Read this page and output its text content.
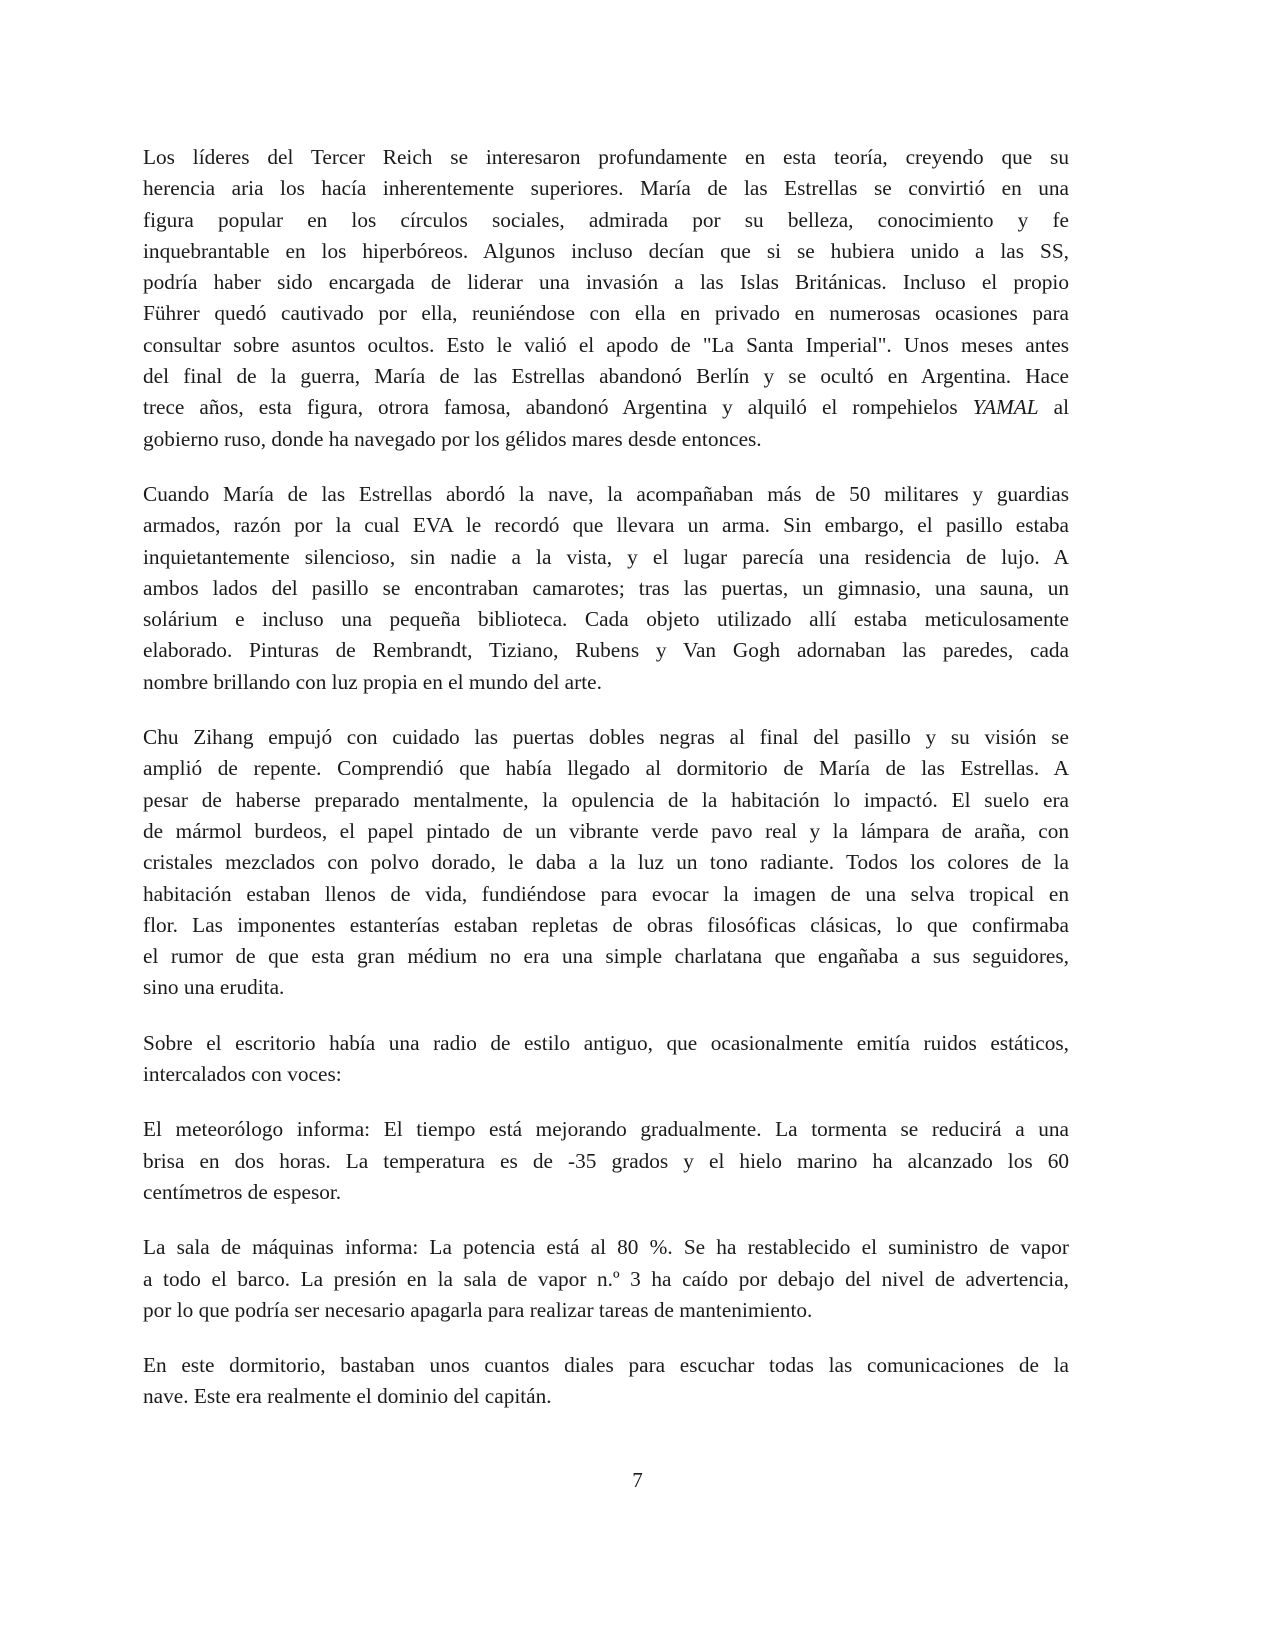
Los líderes del Tercer Reich se interesaron profundamente en esta teoría, creyendo que su
herencia aria los hacía inherentemente superiores. María de las Estrellas se convirtió en una
figura popular en los círculos sociales, admirada por su belleza, conocimiento y fe
inquebrantable en los hiperbóreos. Algunos incluso decían que si se hubiera unido a las SS,
podría haber sido encargada de liderar una invasión a las Islas Británicas. Incluso el propio
Führer quedó cautivado por ella, reuniéndose con ella en privado en numerosas ocasiones para
consultar sobre asuntos ocultos. Esto le valió el apodo de "La Santa Imperial". Unos meses antes
del final de la guerra, María de las Estrellas abandonó Berlín y se ocultó en Argentina. Hace
trece años, esta figura, otrora famosa, abandonó Argentina y alquiló el rompehielos YAMAL al
gobierno ruso, donde ha navegado por los gélidos mares desde entonces.
Cuando María de las Estrellas abordó la nave, la acompañaban más de 50 militares y guardias
armados, razón por la cual EVA le recordó que llevara un arma. Sin embargo, el pasillo estaba
inquietantemente silencioso, sin nadie a la vista, y el lugar parecía una residencia de lujo. A
ambos lados del pasillo se encontraban camarotes; tras las puertas, un gimnasio, una sauna, un
solárium e incluso una pequeña biblioteca. Cada objeto utilizado allí estaba meticulosamente
elaborado. Pinturas de Rembrandt, Tiziano, Rubens y Van Gogh adornaban las paredes, cada
nombre brillando con luz propia en el mundo del arte.
Chu Zihang empujó con cuidado las puertas dobles negras al final del pasillo y su visión se
amplió de repente. Comprendió que había llegado al dormitorio de María de las Estrellas. A
pesar de haberse preparado mentalmente, la opulencia de la habitación lo impactó. El suelo era
de mármol burdeos, el papel pintado de un vibrante verde pavo real y la lámpara de araña, con
cristales mezclados con polvo dorado, le daba a la luz un tono radiante. Todos los colores de la
habitación estaban llenos de vida, fundiéndose para evocar la imagen de una selva tropical en
flor. Las imponentes estanterías estaban repletas de obras filosóficas clásicas, lo que confirmaba
el rumor de que esta gran médium no era una simple charlatana que engañaba a sus seguidores,
sino una erudita.
Sobre el escritorio había una radio de estilo antiguo, que ocasionalmente emitía ruidos estáticos,
intercalados con voces:
El meteorólogo informa: El tiempo está mejorando gradualmente. La tormenta se reducirá a una
brisa en dos horas. La temperatura es de -35 grados y el hielo marino ha alcanzado los 60
centímetros de espesor.
La sala de máquinas informa: La potencia está al 80 %. Se ha restablecido el suministro de vapor
a todo el barco. La presión en la sala de vapor n.º 3 ha caído por debajo del nivel de advertencia,
por lo que podría ser necesario apagarla para realizar tareas de mantenimiento.
En este dormitorio, bastaban unos cuantos diales para escuchar todas las comunicaciones de la
nave. Este era realmente el dominio del capitán.
7
